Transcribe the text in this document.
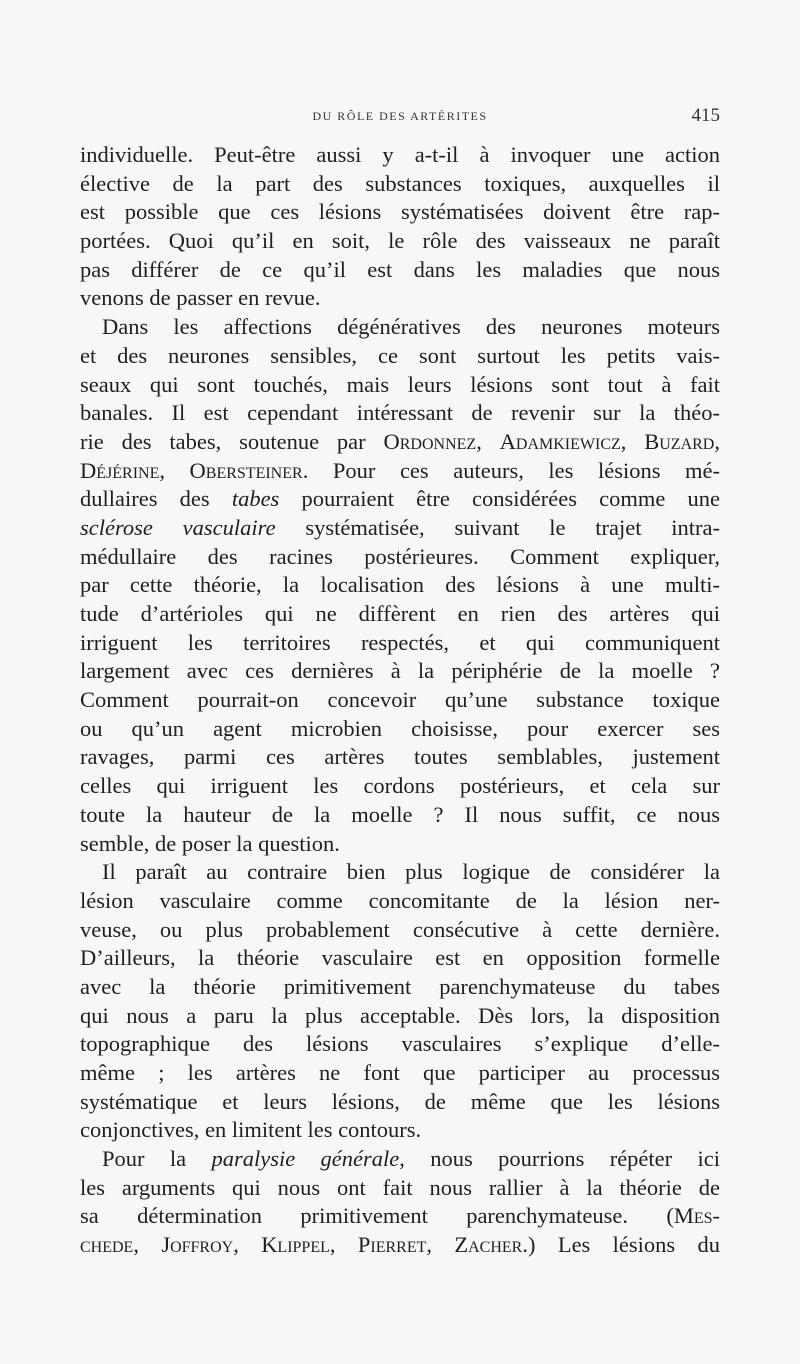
DU RÔLE DES ARTÉRITES	415
individuelle. Peut-être aussi y a-t-il à invoquer une action
élective de la part des substances toxiques, auxquelles il
est possible que ces lésions systématisées doivent être rap-
portées. Quoi qu’il en soit, le rôle des vaisseaux ne paraît
pas différer de ce qu’il est dans les maladies que nous
venons de passer en revue.
Dans les affections dégénératives des neurones moteurs
et des neurones sensibles, ce sont surtout les petits vais-
seaux qui sont touchés, mais leurs lésions sont tout à fait
banales. Il est cependant intéressant de revenir sur la théo-
rie des tabes, soutenue par Ordonnez, Adamkiewicz, Buzard,
Déjérine, Obersteiner. Pour ces auteurs, les lésions mé-
dullaires des tabes pourraient être considérées comme une
sclérose vasculaire systématisée, suivant le trajet intra-
médullaire des racines postérieures. Comment expliquer,
par cette théorie, la localisation des lésions à une multi-
tude d’artérioles qui ne diffèrent en rien des artères qui
irriguent les territoires respectés, et qui communiquent
largement avec ces dernières à la périphérie de la moelle ?
Comment pourrait-on concevoir qu’une substance toxique
ou qu’un agent microbien choisisse, pour exercer ses
ravages, parmi ces artères toutes semblables, justement
celles qui irriguent les cordons postérieurs, et cela sur
toute la hauteur de la moelle ? Il nous suffit, ce nous
semble, de poser la question.
Il paraît au contraire bien plus logique de considérer la
lésion vasculaire comme concomitante de la lésion ner-
veuse, ou plus probablement consécutive à cette dernière.
D’ailleurs, la théorie vasculaire est en opposition formelle
avec la théorie primitivement parenchymateuse du tabes
qui nous a paru la plus acceptable. Dès lors, la disposition
topographique des lésions vasculaires s’explique d’elle-
même ; les artères ne font que participer au processus
systématique et leurs lésions, de même que les lésions
conjonctives, en limitent les contours.
Pour la paralysie générale, nous pourrions répéter ici
les arguments qui nous ont fait nous rallier à la théorie de
sa détermination primitivement parenchymateuse. (Mes-
chede, Joffroy, Klippel, Pierret, Zacher.) Les lésions du
